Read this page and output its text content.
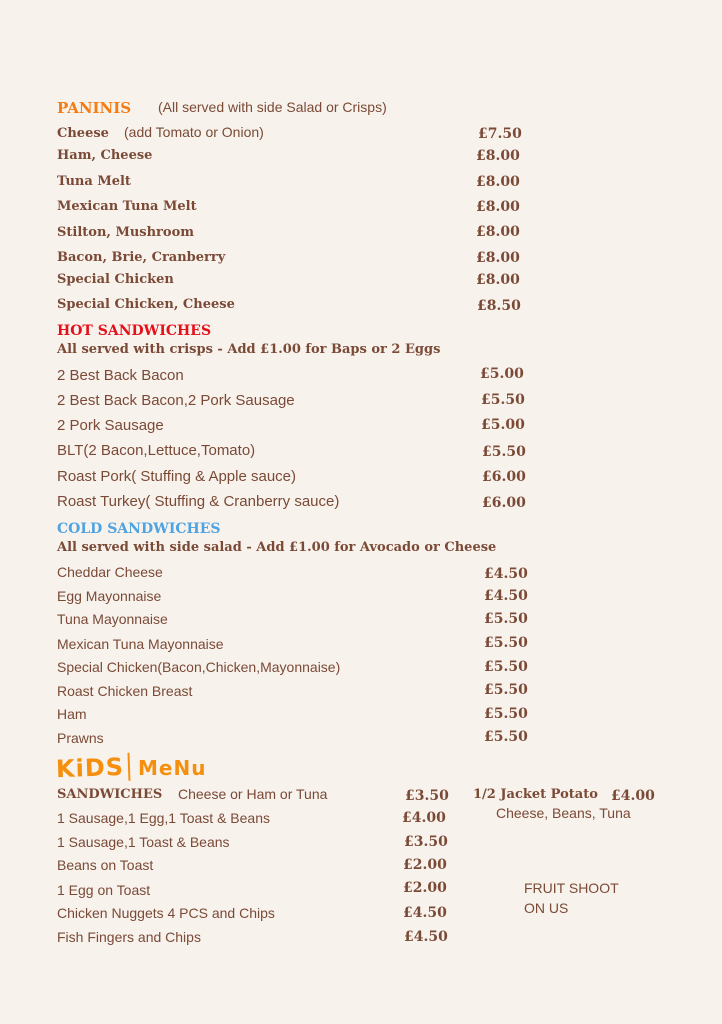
PANINIS (All served with side Salad or Crisps)
Cheese (add Tomato or Onion)	£7.50
Ham, Cheese	£8.00
Tuna Melt	£8.00
Mexican Tuna Melt	£8.00
Stilton, Mushroom	£8.00
Bacon, Brie, Cranberry	£8.00
Special Chicken	£8.00
Special Chicken, Cheese	£8.50
HOT SANDWICHES
All served with crisps - Add £1.00 for Baps or 2 Eggs
2 Best Back Bacon	£5.00
2 Best Back Bacon,2 Pork Sausage	£5.50
2 Pork Sausage	£5.00
BLT(2 Bacon,Lettuce,Tomato)	£5.50
Roast Pork( Stuffing & Apple sauce)	£6.00
Roast Turkey( Stuffing & Cranberry sauce)	£6.00
COLD SANDWICHES
All served with side salad - Add £1.00 for Avocado or Cheese
Cheddar Cheese	£4.50
Egg Mayonnaise	£4.50
Tuna Mayonnaise	£5.50
Mexican Tuna Mayonnaise	£5.50
Special Chicken(Bacon,Chicken,Mayonnaise)	£5.50
Roast Chicken Breast	£5.50
Ham	£5.50
Prawns	£5.50
KiDS MeNu
SANDWICHES Cheese or Ham or Tuna	£3.50
1 Sausage,1 Egg,1 Toast & Beans	£4.00
1 Sausage,1 Toast & Beans	£3.50
Beans on Toast	£2.00
1 Egg on Toast	£2.00
Chicken Nuggets 4 PCS and Chips	£4.50
Fish Fingers and Chips	£4.50
1/2 Jacket Potato £4.00
Cheese, Beans, Tuna
FRUIT SHOOT
ON US
